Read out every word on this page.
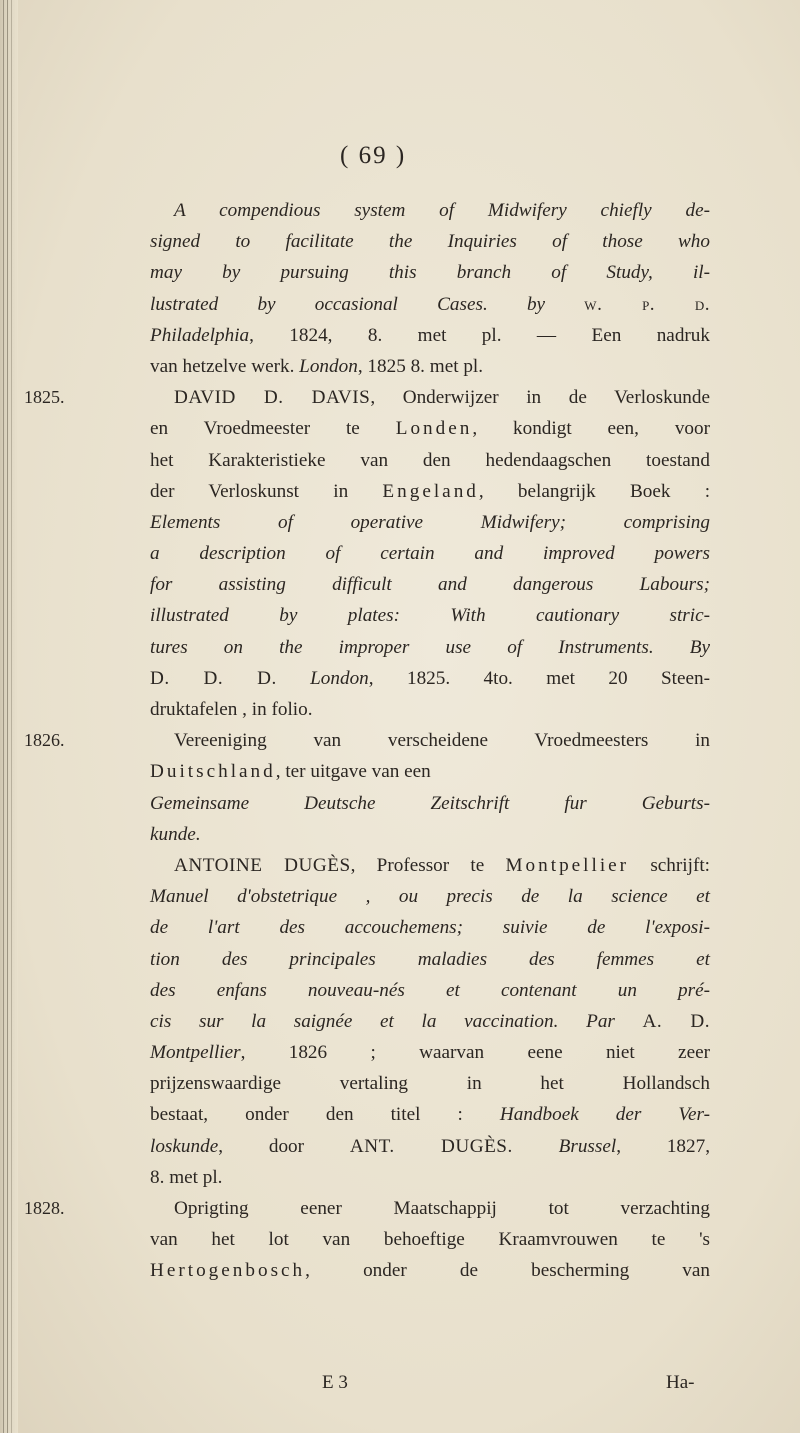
( 69 )
A compendious system of Midwifery chiefly de-
signed to facilitate the Inquiries of those who
may by pursuing this branch of Study, il-
lustrated by occasional Cases. by w. p. d.
Philadelphia, 1824, 8. met pl. — Een nadruk
van hetzelve werk. London, 1825 8. met pl.
1825.	DAVID D. DAVIS, Onderwijzer in de Verloskunde
en Vroedmeester te Londen, kondigt een, voor
het Karakteristieke van den hedendaagschen toestand
der Verloskunst in Engeland, belangrijk Boek :
Elements of operative Midwifery; comprising
a description of certain and improved powers
for assisting difficult and dangerous Labours;
illustrated by plates: With cautionary stric-
tures on the improper use of Instruments. By
D. D. D. London, 1825. 4to. met 20 Steen-
druktafelen , in folio.
1826.	Vereeniging van verscheidene Vroedmeesters in
Duitschland, ter uitgave van een
Gemeinsame Deutsche Zeitschrift fur Geburts-
kunde.
ANTOINE DUGÈS, Professor te Montpellier schrijft:
Manuel d'obstetrique , ou precis de la science et
de l'art des accouchemens; suivie de l'exposi-
tion des principales maladies des femmes et
des enfans nouveau-nés et contenant un pré-
cis sur la saignée et la vaccination. Par A. D.
Montpellier, 1826 ; waarvan eene niet zeer
prijzenswaardige vertaling in het Hollandsch
bestaat, onder den titel : Handboek der Ver-
loskunde, door ANT. DUGÈS. Brussel, 1827,
8. met pl.
1828.	Oprigting eener Maatschappij tot verzachting
van het lot van behoeftige Kraamvrouwen te 's
Hertogenbosch, onder de bescherming van
E 3	Ha-
